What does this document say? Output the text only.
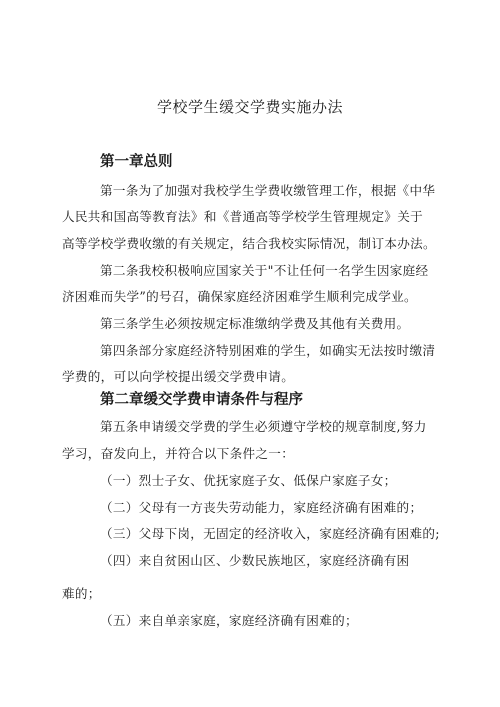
学校学生缓交学费实施办法
第一章总则
第一条为了加强对我校学生学费收缴管理工作，根据《中华
人民共和国高等教育法》和《普通高等学校学生管理规定》关于
高等学校学费收缴的有关规定，结合我校实际情况，制订本办法。
第二条我校积极响应国家关于"不让任何一名学生因家庭经
济困难而失学”的号召，确保家庭经济困难学生顺利完成学业。
第三条学生必须按规定标准缴纳学费及其他有关费用。
第四条部分家庭经济特别困难的学生，如确实无法按时缴清
学费的，可以向学校提出缓交学费申请。
第二章缓交学费申请条件与程序
第五条申请缓交学费的学生必须遵守学校的规章制度,努力
学习，奋发向上，并符合以下条件之一：
（一）烈士子女、优抚家庭子女、低保户家庭子女；
（二）父母有一方丧失劳动能力，家庭经济确有困难的；
（三）父母下岗，无固定的经济收入，家庭经济确有困难的;
（四）来自贫困山区、少数民族地区，家庭经济确有困
难的；
（五）来自单亲家庭，家庭经济确有困难的；
